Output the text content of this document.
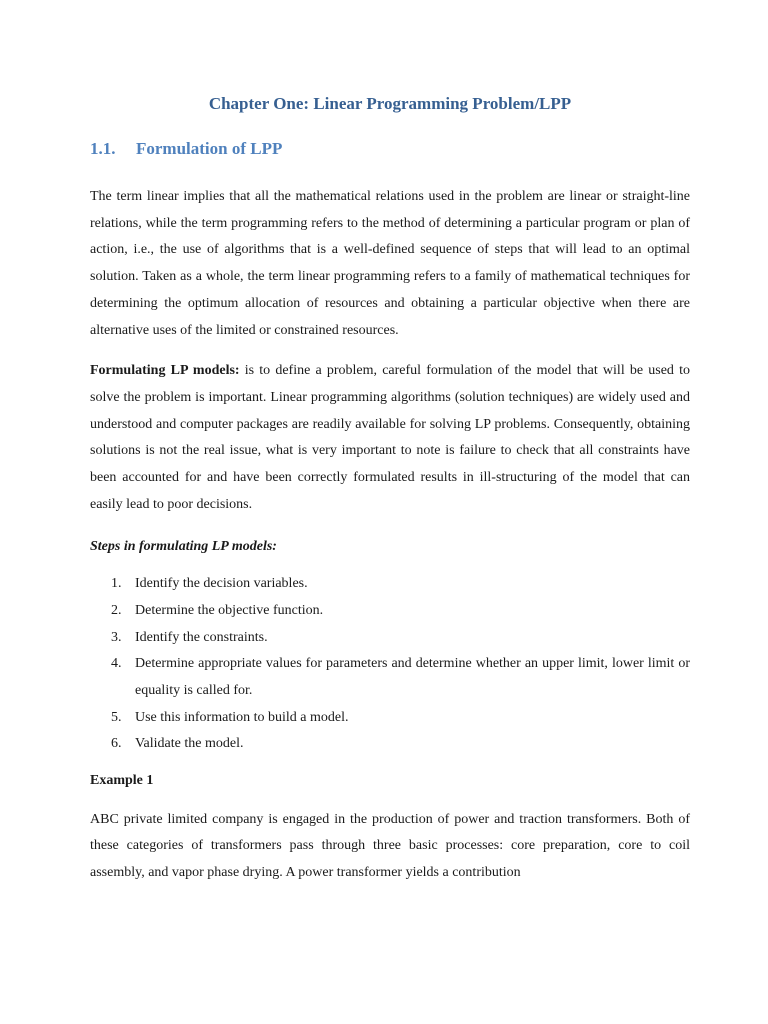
Chapter One: Linear Programming Problem/LPP
1.1.	Formulation of LPP

The term linear implies that all the mathematical relations used in the problem are linear or straight-line relations, while the term programming refers to the method of determining a particular program or plan of action, i.e., the use of algorithms that is a well-defined sequence of steps that will lead to an optimal solution. Taken as a whole, the term linear programming refers to a family of mathematical techniques for determining the optimum allocation of resources and obtaining a particular objective when there are alternative uses of the limited or constrained resources.

Formulating LP models: is to define a problem, careful formulation of the model that will be used to solve the problem is important. Linear programming algorithms (solution techniques) are widely used and understood and computer packages are readily available for solving LP problems. Consequently, obtaining solutions is not the real issue, what is very important to note is failure to check that all constraints have been accounted for and have been correctly formulated results in ill-structuring of the model that can easily lead to poor decisions.

Steps in formulating LP models:
1. Identify the decision variables.
2. Determine the objective function.
3. Identify the constraints.
4. Determine appropriate values for parameters and determine whether an upper limit, lower limit or equality is called for.
5. Use this information to build a model.
6. Validate the model.
Example 1

ABC private limited company is engaged in the production of power and traction transformers. Both of these categories of transformers pass through three basic processes: core preparation, core to coil assembly, and vapor phase drying. A power transformer yields a contribution
